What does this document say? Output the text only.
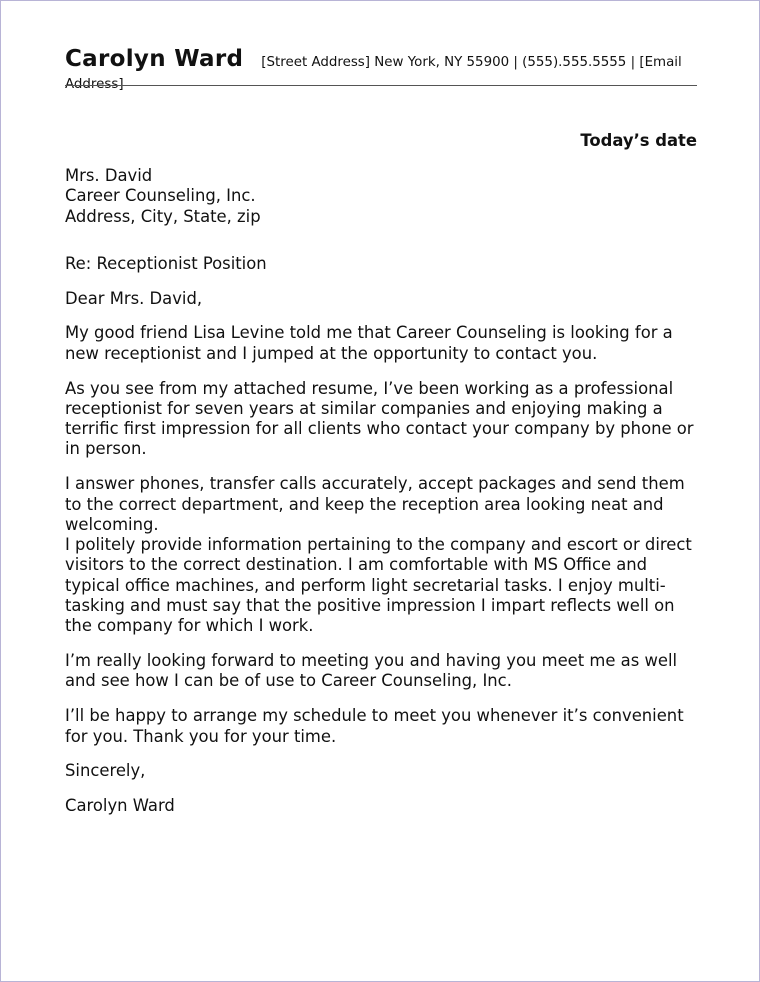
Carolyn Ward [Street Address] New York, NY 55900 | (555).555.5555 | [Email Address]
Today’s date

Mrs. David
Career Counseling, Inc.
Address, City, State, zip

Re: Receptionist Position

Dear Mrs. David,

My good friend Lisa Levine told me that Career Counseling is looking for a new receptionist and I jumped at the opportunity to contact you.

As you see from my attached resume, I’ve been working as a professional receptionist for seven years at similar companies and enjoying making a terrific first impression for all clients who contact your company by phone or in person.

I answer phones, transfer calls accurately, accept packages and send them to the correct department, and keep the reception area looking neat and welcoming.

I politely provide information pertaining to the company and escort or direct visitors to the correct destination. I am comfortable with MS Office and typical office machines, and perform light secretarial tasks. I enjoy multi-tasking and must say that the positive impression I impart reflects well on the company for which I work.

I’m really looking forward to meeting you and having you meet me as well and see how I can be of use to Career Counseling, Inc.

I’ll be happy to arrange my schedule to meet you whenever it’s convenient for you. Thank you for your time.

Sincerely,

Carolyn Ward
